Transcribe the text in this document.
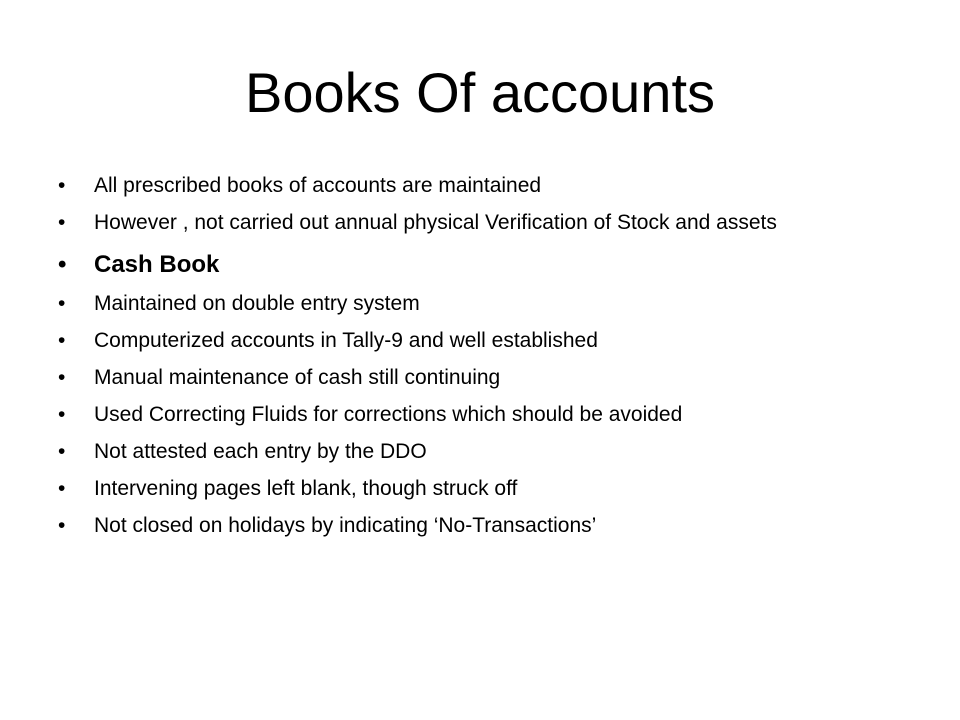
Books Of accounts
• All prescribed books of accounts are maintained
• However , not carried out annual physical Verification of Stock and assets
• Cash Book
• Maintained on double entry system
• Computerized accounts in Tally-9 and well established
• Manual maintenance of cash still continuing
• Used Correcting Fluids for corrections which should be avoided
• Not attested each entry by the DDO
• Intervening pages left blank, though struck off
• Not closed on holidays by indicating ‘No-Transactions’
